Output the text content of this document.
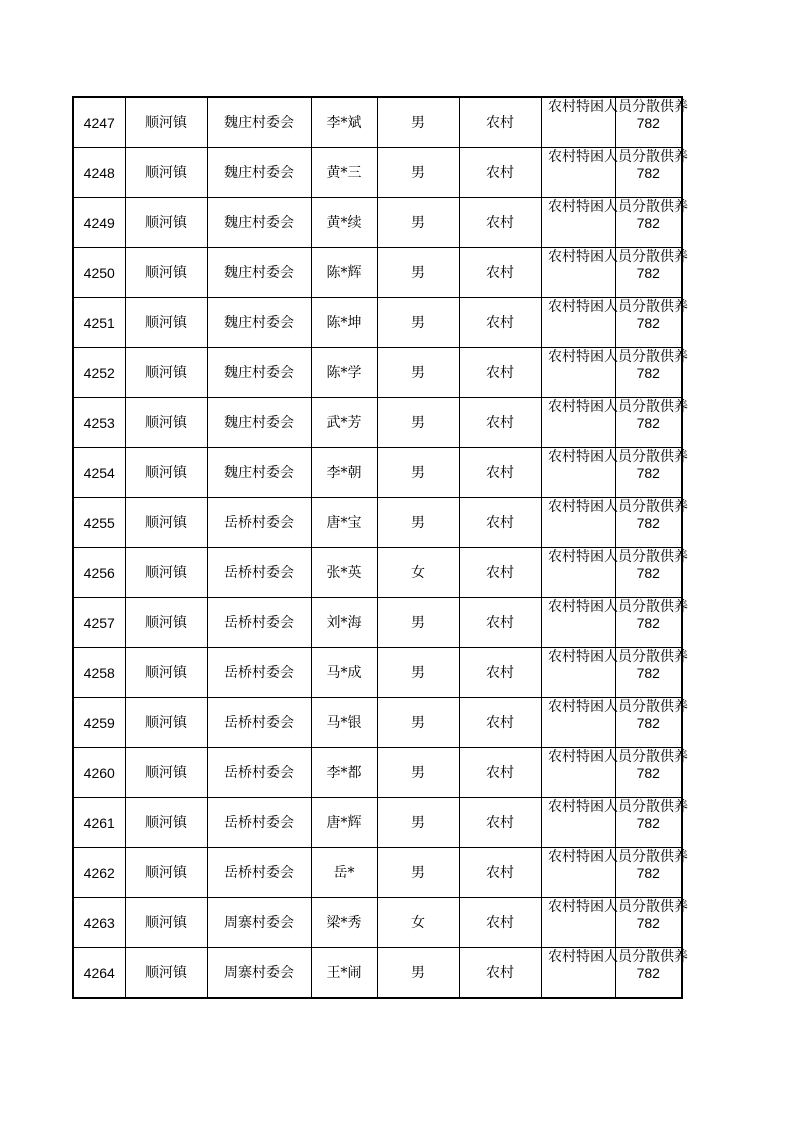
4247	顺河镇	魏庄村委会	李*斌	男	农村	农村特困人员分散供养	782
4248	顺河镇	魏庄村委会	黄*三	男	农村	农村特困人员分散供养	782
4249	顺河镇	魏庄村委会	黄*续	男	农村	农村特困人员分散供养	782
4250	顺河镇	魏庄村委会	陈*辉	男	农村	农村特困人员分散供养	782
4251	顺河镇	魏庄村委会	陈*坤	男	农村	农村特困人员分散供养	782
4252	顺河镇	魏庄村委会	陈*学	男	农村	农村特困人员分散供养	782
4253	顺河镇	魏庄村委会	武*芳	男	农村	农村特困人员分散供养	782
4254	顺河镇	魏庄村委会	李*朝	男	农村	农村特困人员分散供养	782
4255	顺河镇	岳桥村委会	唐*宝	男	农村	农村特困人员分散供养	782
4256	顺河镇	岳桥村委会	张*英	女	农村	农村特困人员分散供养	782
4257	顺河镇	岳桥村委会	刘*海	男	农村	农村特困人员分散供养	782
4258	顺河镇	岳桥村委会	马*成	男	农村	农村特困人员分散供养	782
4259	顺河镇	岳桥村委会	马*银	男	农村	农村特困人员分散供养	782
4260	顺河镇	岳桥村委会	李*都	男	农村	农村特困人员分散供养	782
4261	顺河镇	岳桥村委会	唐*辉	男	农村	农村特困人员分散供养	782
4262	顺河镇	岳桥村委会	岳*	男	农村	农村特困人员分散供养	782
4263	顺河镇	周寨村委会	梁*秀	女	农村	农村特困人员分散供养	782
4264	顺河镇	周寨村委会	王*闹	男	农村	农村特困人员分散供养	782
